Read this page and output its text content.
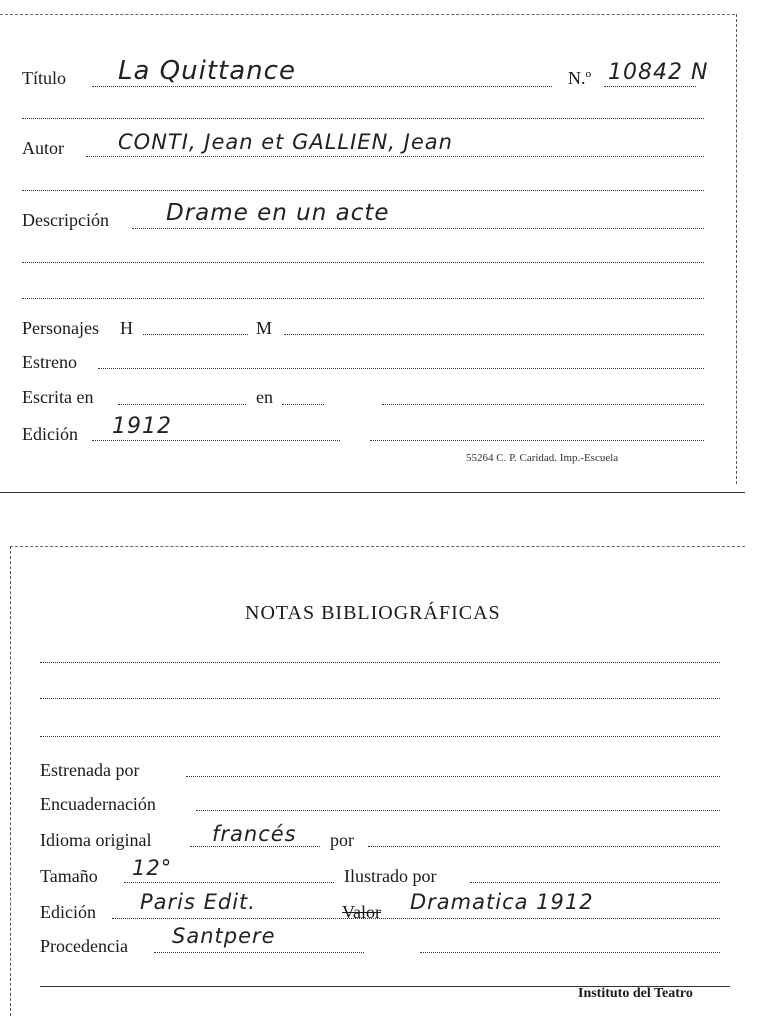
Título La Quittance	N.º 10842 N
Autor	CONTI, Jean et GALLIEN, Jean
Descripción Drame en un acte
Personajes H	M
Estreno
Escrita en	en
Edición 1912
55264 C. P. Caridad. Imp.-Escuela
NOTAS BIBLIOGRÁFICAS
Estrenada por
Encuadernación
Idioma original	francés por
Tamaño 12°	Ilustrado por
Edición Paris Edit.	Valor Dramatica 1912
Procedencia Santpere
Instituto del Teatro
